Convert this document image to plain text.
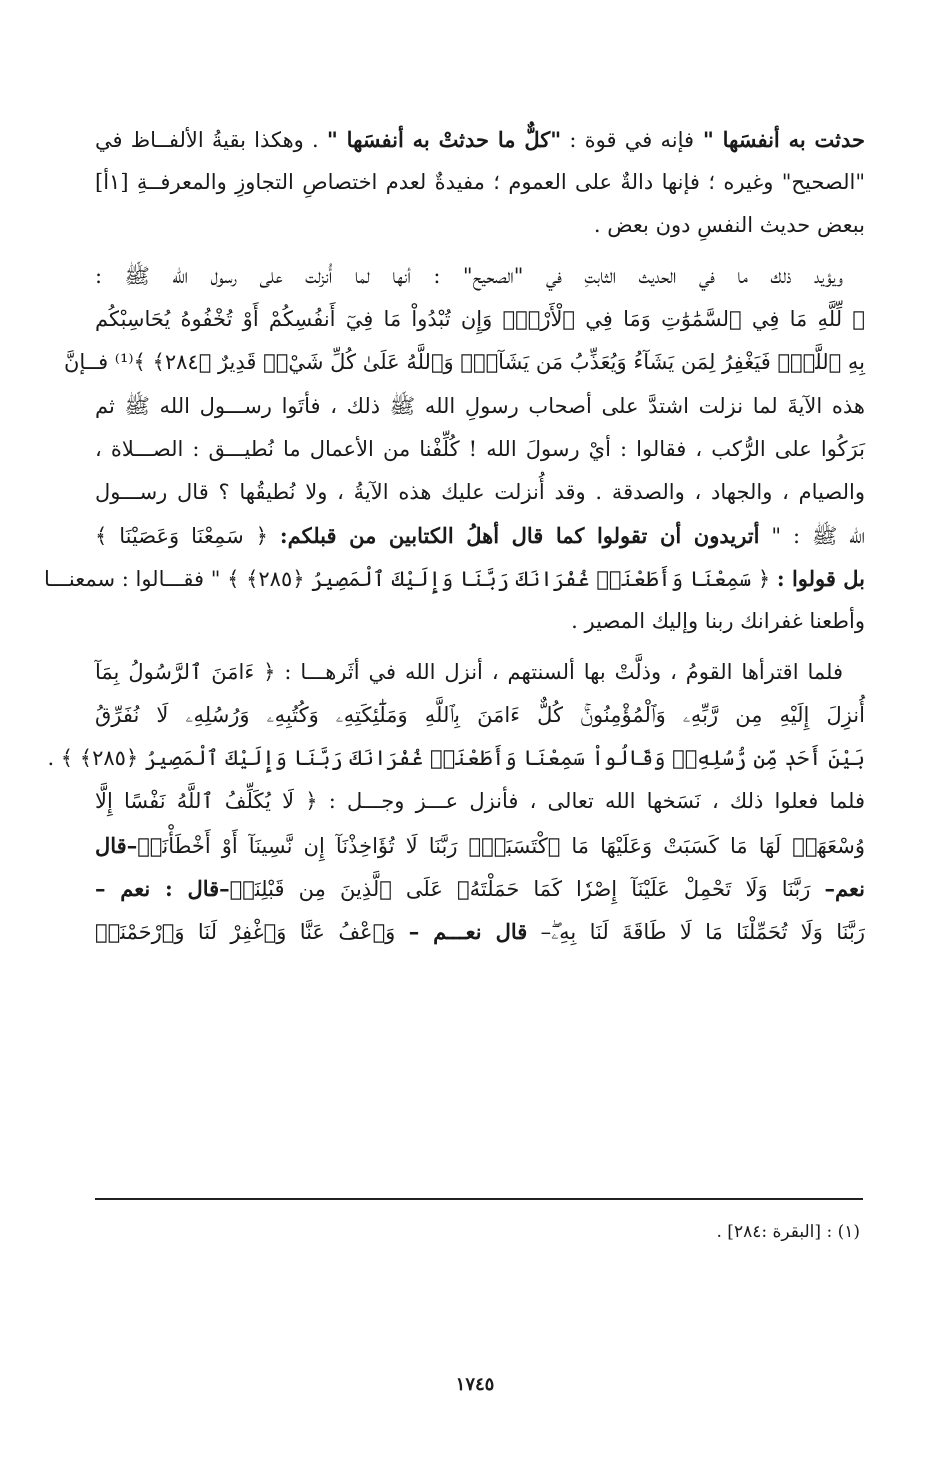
حدثت به أنفسَها " فإنه في قوة : "كلٌّ ما حدثتْ به أنفسَها " . وهكذا بقيةُ الألفــاظ في
"الصحيح" وغيره ؛ فإنها دالةٌ على العموم ؛ مفيدةٌ لعدم اختصاصِ التجاوزِ والمعرفــةِ [١أ]
ببعض حديث النفسِ دون بعض .
ويؤيد ذلك ما في الحديث الثابتِ في "الصحيح" : أنها لما أُنزلت على رسول الله ﷺ :
﴿ لِّلَّهِ مَا فِي ٱلسَّمَٰوَٰتِ وَمَا فِي ٱلْأَرْضِۗ وَإِن تُبْدُواْ مَا فِيٓ أَنفُسِكُمْ أَوْ تُخْفُوهُ يُحَاسِبْكُم
بِهِ ٱللَّهُۖ فَيَغْفِرُ لِمَن يَشَآءُ وَيُعَذِّبُ مَن يَشَآءُۗ وَٱللَّهُ عَلَىٰ كُلِّ شَيْءٖ قَدِيرٌ ﴿٢٨٤﴾ ﴾⁽¹⁾ فــإنَّ
هذه الآيةَ لما نزلت اشتدَّ على أصحاب رسولِ الله ﷺ ذلك ، فأتَوا رســـول الله ﷺ ثم
بَرَكُوا على الرُّكب ، فقالوا : أيْ رسولَ الله ! كُلِّفْنا من الأعمال ما نُطيـــق : الصـــلاة ،
والصيام ، والجهاد ، والصدقة . وقد أُنزلت عليك هذه الآيةُ ، ولا نُطيقُها ؟ قال رســـول
الله ﷺ : " أتريدون أن تقولوا كما قال أهلُ الكتابين من قبلكم: ﴿ سَمِعْنَا وَعَصَيْنَا ﴾
بل قولوا : ﴿ سَمِعْنَا وَأَطَعْنَاۖ غُفْرَانَكَ رَبَّنَا وَإِلَيْكَ ٱلْمَصِيرُ ﴿٢٨٥﴾ ﴾ " فقـــالوا : سمعنـــا
وأطعنا غفرانك ربنا وإليك المصير .
فلما اقترأها القومُ ، وذلَّتْ بها ألسنتهم ، أنزل الله في أثَرهـــا : ﴿ ءَامَنَ ٱلرَّسُولُ بِمَآ
أُنزِلَ إِلَيْهِ مِن رَّبِّهِۦ وَٱلْمُؤْمِنُونَۚ كُلٌّ ءَامَنَ بِٱللَّهِ وَمَلَٰٓئِكَتِهِۦ وَكُتُبِهِۦ وَرُسُلِهِۦ لَا نُفَرِّقُ
بَيْنَ أَحَدٖ مِّن رُّسُلِهِۦۚ وَقَالُواْ سَمِعْنَا وَأَطَعْنَاۖ غُفْرَانَكَ رَبَّنَا وَإِلَيْكَ ٱلْمَصِيرُ ﴿٢٨٥﴾ ﴾ .
فلما فعلوا ذلك ، نَسَخها الله تعالى ، فأنزل عـــز وجـــل : ﴿ لَا يُكَلِّفُ ٱللَّهُ نَفْسًا إِلَّا
وُسْعَهَاۚ لَهَا مَا كَسَبَتْ وَعَلَيْهَا مَا ٱكْتَسَبَتْۗ رَبَّنَا لَا تُؤَاخِذْنَآ إِن نَّسِينَآ أَوْ أَخْطَأْنَاۚ–قال
نعم– رَبَّنَا وَلَا تَحْمِلْ عَلَيْنَآ إِصْرٗا كَمَا حَمَلْتَهُۥ عَلَى ٱلَّذِينَ مِن قَبْلِنَاۚ–قال : نعم –
رَبَّنَا وَلَا تُحَمِّلْنَا مَا لَا طَاقَةَ لَنَا بِهِۦۖ– قال نعـــم – وَٱعْفُ عَنَّا وَٱغْفِرْ لَنَا وَٱرْحَمْنَآۚ
(١) : [البقرة :٢٨٤] .
١٧٤٥
